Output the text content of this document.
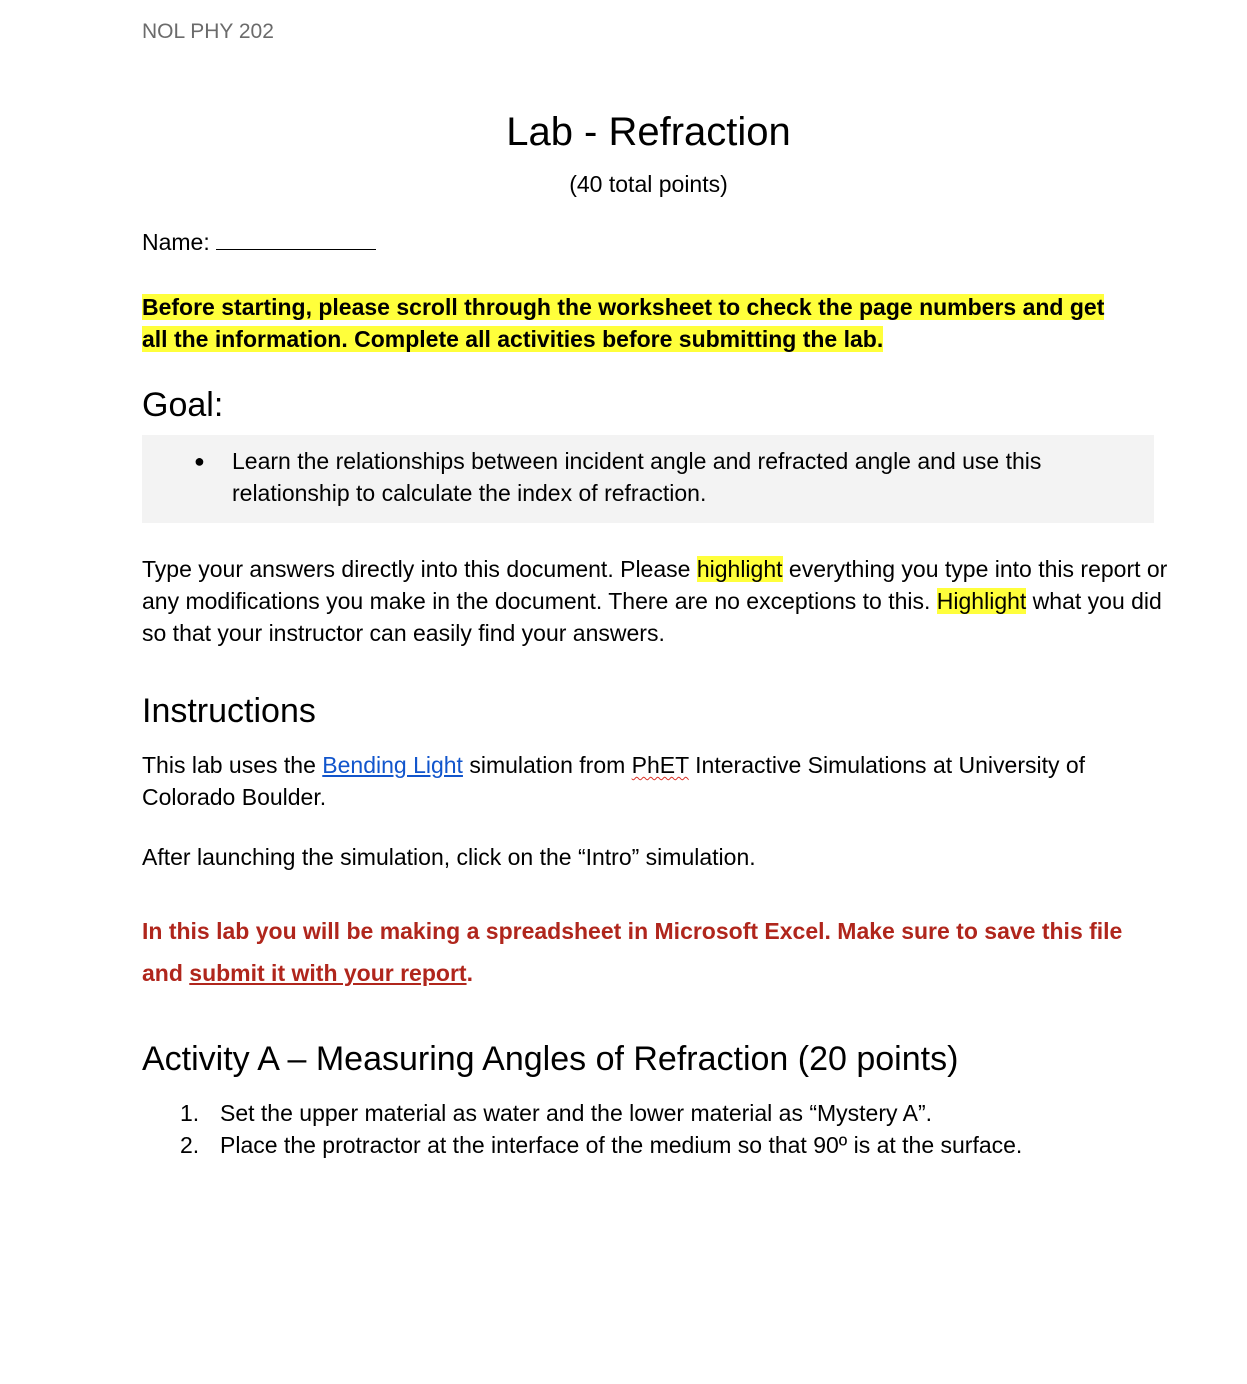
NOL PHY 202
Lab - Refraction
(40 total points)
Name:
Before starting, please scroll through the worksheet to check the page numbers and get
all the information. Complete all activities before submitting the lab.
Goal:
● Learn the relationships between incident angle and refracted angle and use this relationship to calculate the index of refraction.
Type your answers directly into this document. Please highlight everything you type into this report or any modifications you make in the document. There are no exceptions to this. Highlight what you did so that your instructor can easily find your answers.
Instructions
This lab uses the Bending Light simulation from PhET Interactive Simulations at University of Colorado Boulder.
After launching the simulation, click on the “Intro” simulation.
In this lab you will be making a spreadsheet in Microsoft Excel. Make sure to save this file and submit it with your report.
Activity A – Measuring Angles of Refraction (20 points)
1. Set the upper material as water and the lower material as “Mystery A”.
2. Place the protractor at the interface of the medium so that 90º is at the surface.
